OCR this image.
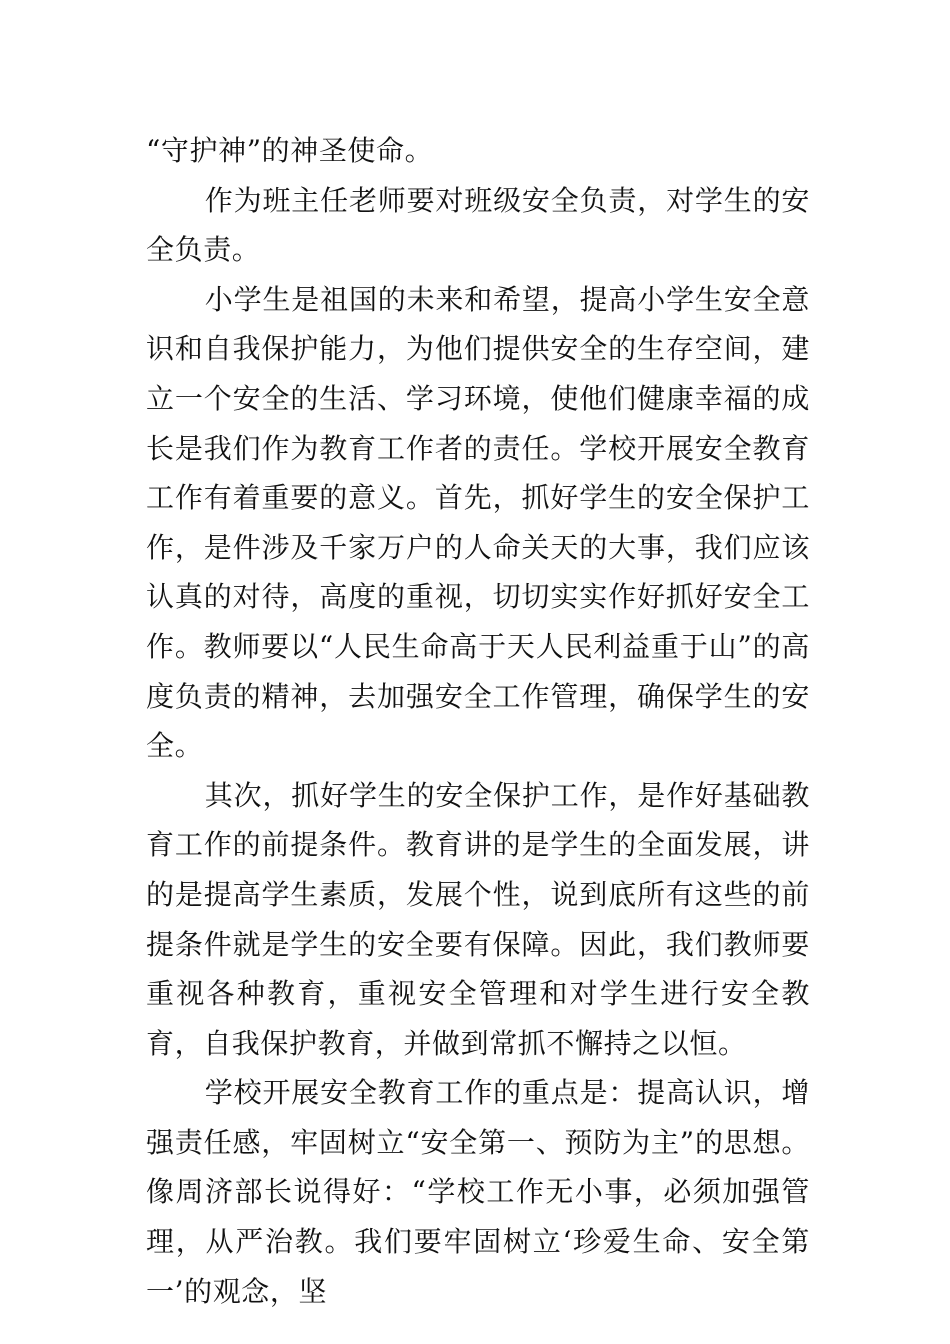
“守护神”的神圣使命。

作为班主任老师要对班级安全负责，对学生的安全负责。

小学生是祖国的未来和希望，提高小学生安全意识和自我保护能力，为他们提供安全的生存空间，建立一个安全的生活、学习环境，使他们健康幸福的成长是我们作为教育工作者的责任。学校开展安全教育工作有着重要的意义。首先，抓好学生的安全保护工作，是件涉及千家万户的人命关天的大事，我们应该认真的对待，高度的重视，切切实实作好抓好安全工作。教师要以“人民生命高于天人民利益重于山”的高度负责的精神，去加强安全工作管理，确保学生的安全。

其次，抓好学生的安全保护工作，是作好基础教育工作的前提条件。教育讲的是学生的全面发展，讲的是提高学生素质，发展个性，说到底所有这些的前提条件就是学生的安全要有保障。因此，我们教师要重视各种教育，重视安全管理和对学生进行安全教育，自我保护教育，并做到常抓不懈持之以恒。

学校开展安全教育工作的重点是：提高认识，增强责任感，牢固树立“安全第一、预防为主”的思想。像周济部长说得好：“学校工作无小事，必须加强管理，从严治教。我们要牢固树立‘珍爱生命、安全第一’的观念，坚
